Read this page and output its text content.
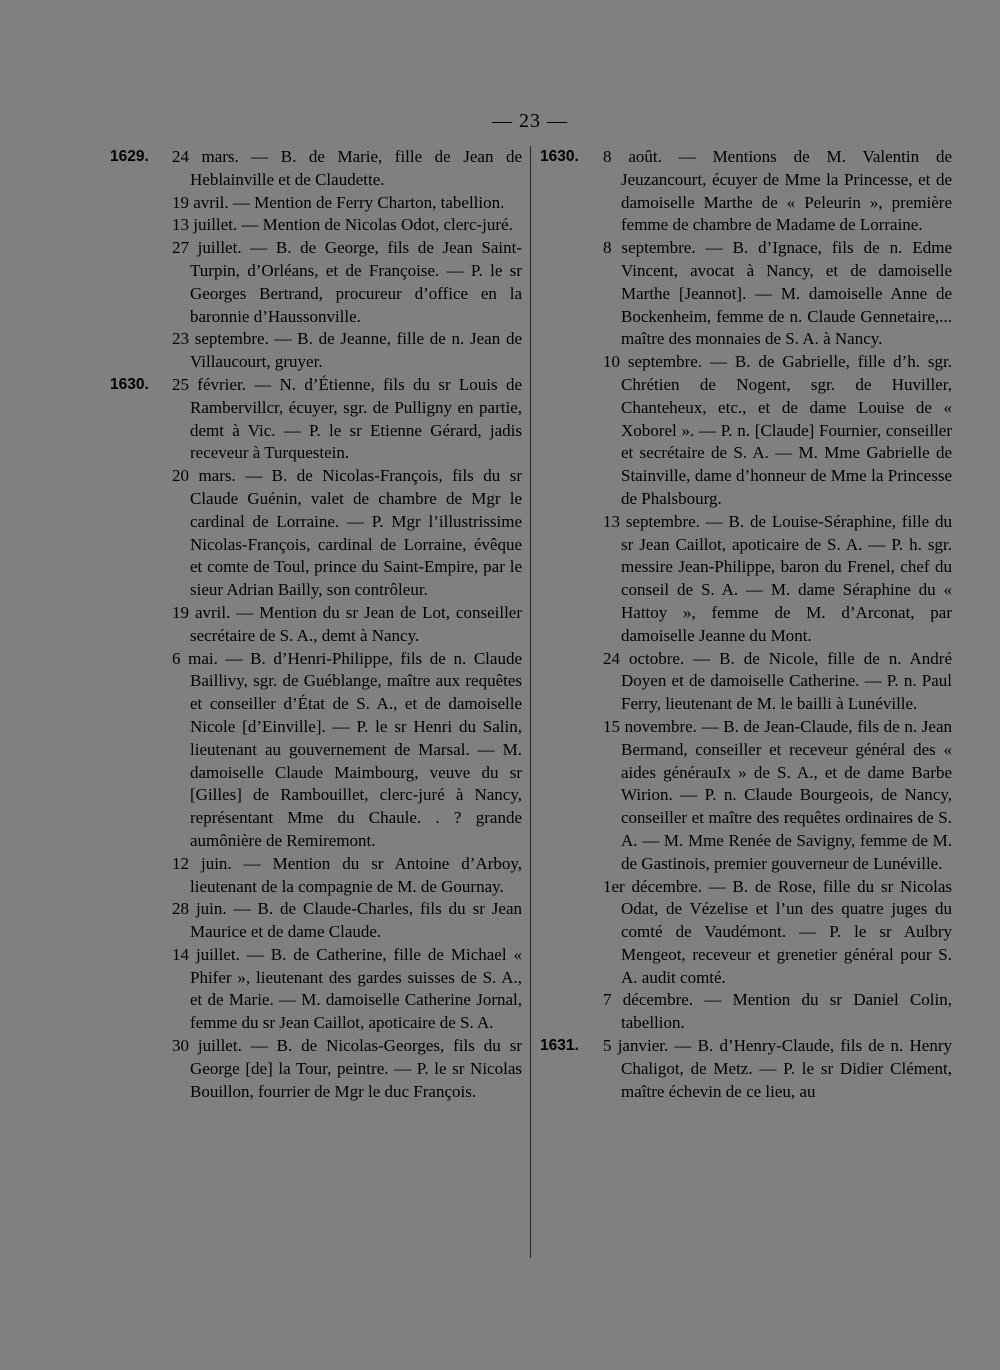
— 23 —

1629.	24 mars. — B. de Marie, fille de Jean de Heblainville et de Claudette.

19 avril. — Mention de Ferry Charton, tabellion.

13 juillet. — Mention de Nicolas Odot, clerc-juré.

27 juillet. — B. de George, fils de Jean Saint-Turpin, d’Orléans, et de Françoise. — P. le sr Georges Bertrand, procureur d’office en la baronnie d’Haussonville.

23 septembre. — B. de Jeanne, fille de n. Jean de Villaucourt, gruyer.

1630.	25 février. — N. d’Étienne, fils du sr Louis de Rambervillcr, écuyer, sgr. de Pulligny en partie, demt à Vic. — P. le sr Etienne Gérard, jadis receveur à Turquestein.

20 mars. — B. de Nicolas-François, fils du sr Claude Guénin, valet de chambre de Mgr le cardinal de Lorraine. — P. Mgr l’illustrissime Nicolas-François, cardinal de Lorraine, évêque et comte de Toul, prince du Saint-Empire, par le sieur Adrian Bailly, son contrôleur.

19 avril. — Mention du sr Jean de Lot, conseiller secrétaire de S. A., demt à Nancy.

6 mai. — B. d’Henri-Philippe, fils de n. Claude Baillivy, sgr. de Guéblange, maître aux requêtes et conseiller d’État de S. A., et de damoiselle Nicole [d’Einville]. — P. le sr Henri du Salin, lieutenant au gouvernement de Marsal. — M. damoiselle Claude Maimbourg, veuve du sr [Gilles] de Rambouillet, clerc-juré à Nancy, représentant Mme du Chaule. . ? grande aumônière de Remiremont.

12 juin. — Mention du sr Antoine d’Arboy, lieutenant de la compagnie de M. de Gournay.

28 juin. — B. de Claude-Charles, fils du sr Jean Maurice et de dame Claude.

14 juillet. — B. de Catherine, fille de Michael « Phifer », lieutenant des gardes suisses de S. A., et de Marie. — M. damoiselle Catherine Jornal, femme du sr Jean Caillot, apoticaire de S. A.

30 juillet. — B. de Nicolas-Georges, fils du sr George [de] la Tour, peintre. — P. le sr Nicolas Bouillon, fourrier de Mgr le duc François.

1630.	8 août. — Mentions de M. Valentin de Jeuzancourt, écuyer de Mme la Princesse, et de damoiselle Marthe de « Peleurin », première femme de chambre de Madame de Lorraine.

8 septembre. — B. d’Ignace, fils de n. Edme Vincent, avocat à Nancy, et de damoiselle Marthe [Jeannot]. — M. damoiselle Anne de Bockenheim, femme de n. Claude Gennetaire,... maître des monnaies de S. A. à Nancy.

10 septembre. — B. de Gabrielle, fille d’h. sgr. Chrétien de Nogent, sgr. de Huviller, Chanteheux, etc., et de dame Louise de « Xoborel ». — P. n. [Claude] Fournier, conseiller et secrétaire de S. A. — M. Mme Gabrielle de Stainville, dame d’honneur de Mme la Princesse de Phalsbourg.

13 septembre. — B. de Louise-Séraphine, fille du sr Jean Caillot, apoticaire de S. A. — P. h. sgr. messire Jean-Philippe, baron du Frenel, chef du conseil de S. A. — M. dame Séraphine du « Hattoy », femme de M. d’Arconat, par damoiselle Jeanne du Mont.

24 octobre. — B. de Nicole, fille de n. André Doyen et de damoiselle Catherine. — P. n. Paul Ferry, lieutenant de M. le bailli à Lunéville.

15 novembre. — B. de Jean-Claude, fils de n. Jean Bermand, conseiller et receveur général des « aides générauIx » de S. A., et de dame Barbe Wirion. — P. n. Claude Bourgeois, de Nancy, conseiller et maître des requêtes ordinaires de S. A. — M. Mme Renée de Savigny, femme de M. de Gastinois, premier gouverneur de Lunéville.

1er décembre. — B. de Rose, fille du sr Nicolas Odat, de Vézelise et l’un des quatre juges du comté de Vaudémont. — P. le sr Aulbry Mengeot, receveur et grenetier général pour S. A. audit comté.

7 décembre. — Mention du sr Daniel Colin, tabellion.

1631.	5 janvier. — B. d’Henry-Claude, fils de n. Henry Chaligot, de Metz. — P. le sr Didier Clément, maître échevin de ce lieu, au
